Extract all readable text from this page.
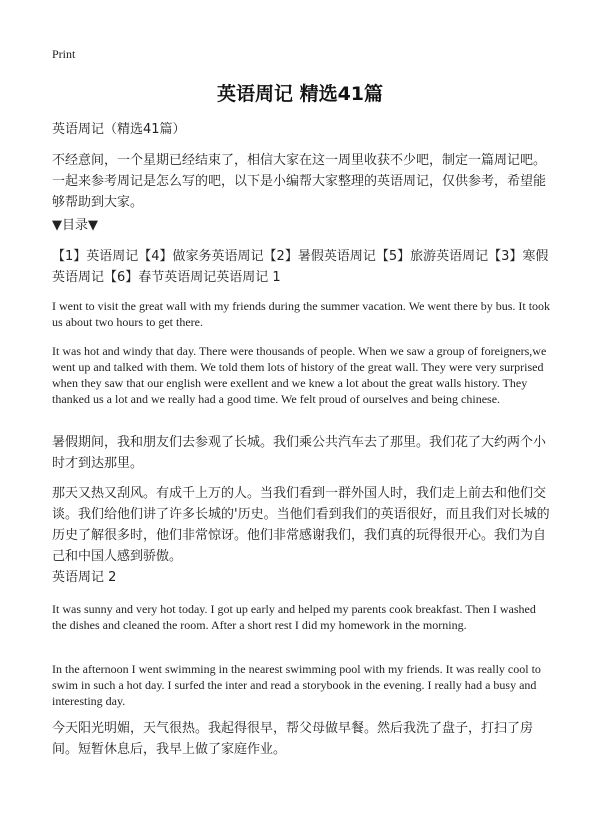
Print
英语周记 精选41篇

英语周记（精选41篇）

不经意间，一个星期已经结束了，相信大家在这一周里收获不少吧，制定一篇周记吧。一起来参考周记是怎么写的吧，以下是小编帮大家整理的英语周记，仅供参考，希望能够帮助到大家。

▼目录▼

【1】英语周记【4】做家务英语周记【2】暑假英语周记【5】旅游英语周记【3】寒假英语周记【6】春节英语周记英语周记 1

I went to visit the great wall with my friends during the summer vacation. We went there by bus. It took us about two hours to get there.

It was hot and windy that day. There were thousands of people. When we saw a group of foreigners,we went up and talked with them. We told them lots of history of the great wall. They were very surprised when they saw that our english were exellent and we knew a lot about the great walls history. They thanked us a lot and we really had a good time. We felt proud of ourselves and being chinese.

暑假期间，我和朋友们去参观了长城。我们乘公共汽车去了那里。我们花了大约两个小时才到达那里。

那天又热又刮风。有成千上万的人。当我们看到一群外国人时，我们走上前去和他们交谈。我们给他们讲了许多长城的'历史。当他们看到我们的英语很好，而且我们对长城的历史了解很多时，他们非常惊讶。他们非常感谢我们，我们真的玩得很开心。我们为自己和中国人感到骄傲。

英语周记 2

It was sunny and very hot today. I got up early and helped my parents cook breakfast. Then I washed the dishes and cleaned the room. After a short rest I did my homework in the morning.

In the afternoon I went swimming in the nearest swimming pool with my friends. It was really cool to swim in such a hot day. I surfed the inter and read a storybook in the evening. I really had a busy and interesting day.

今天阳光明媚，天气很热。我起得很早，帮父母做早餐。然后我洗了盘子，打扫了房间。短暂休息后，我早上做了家庭作业。
